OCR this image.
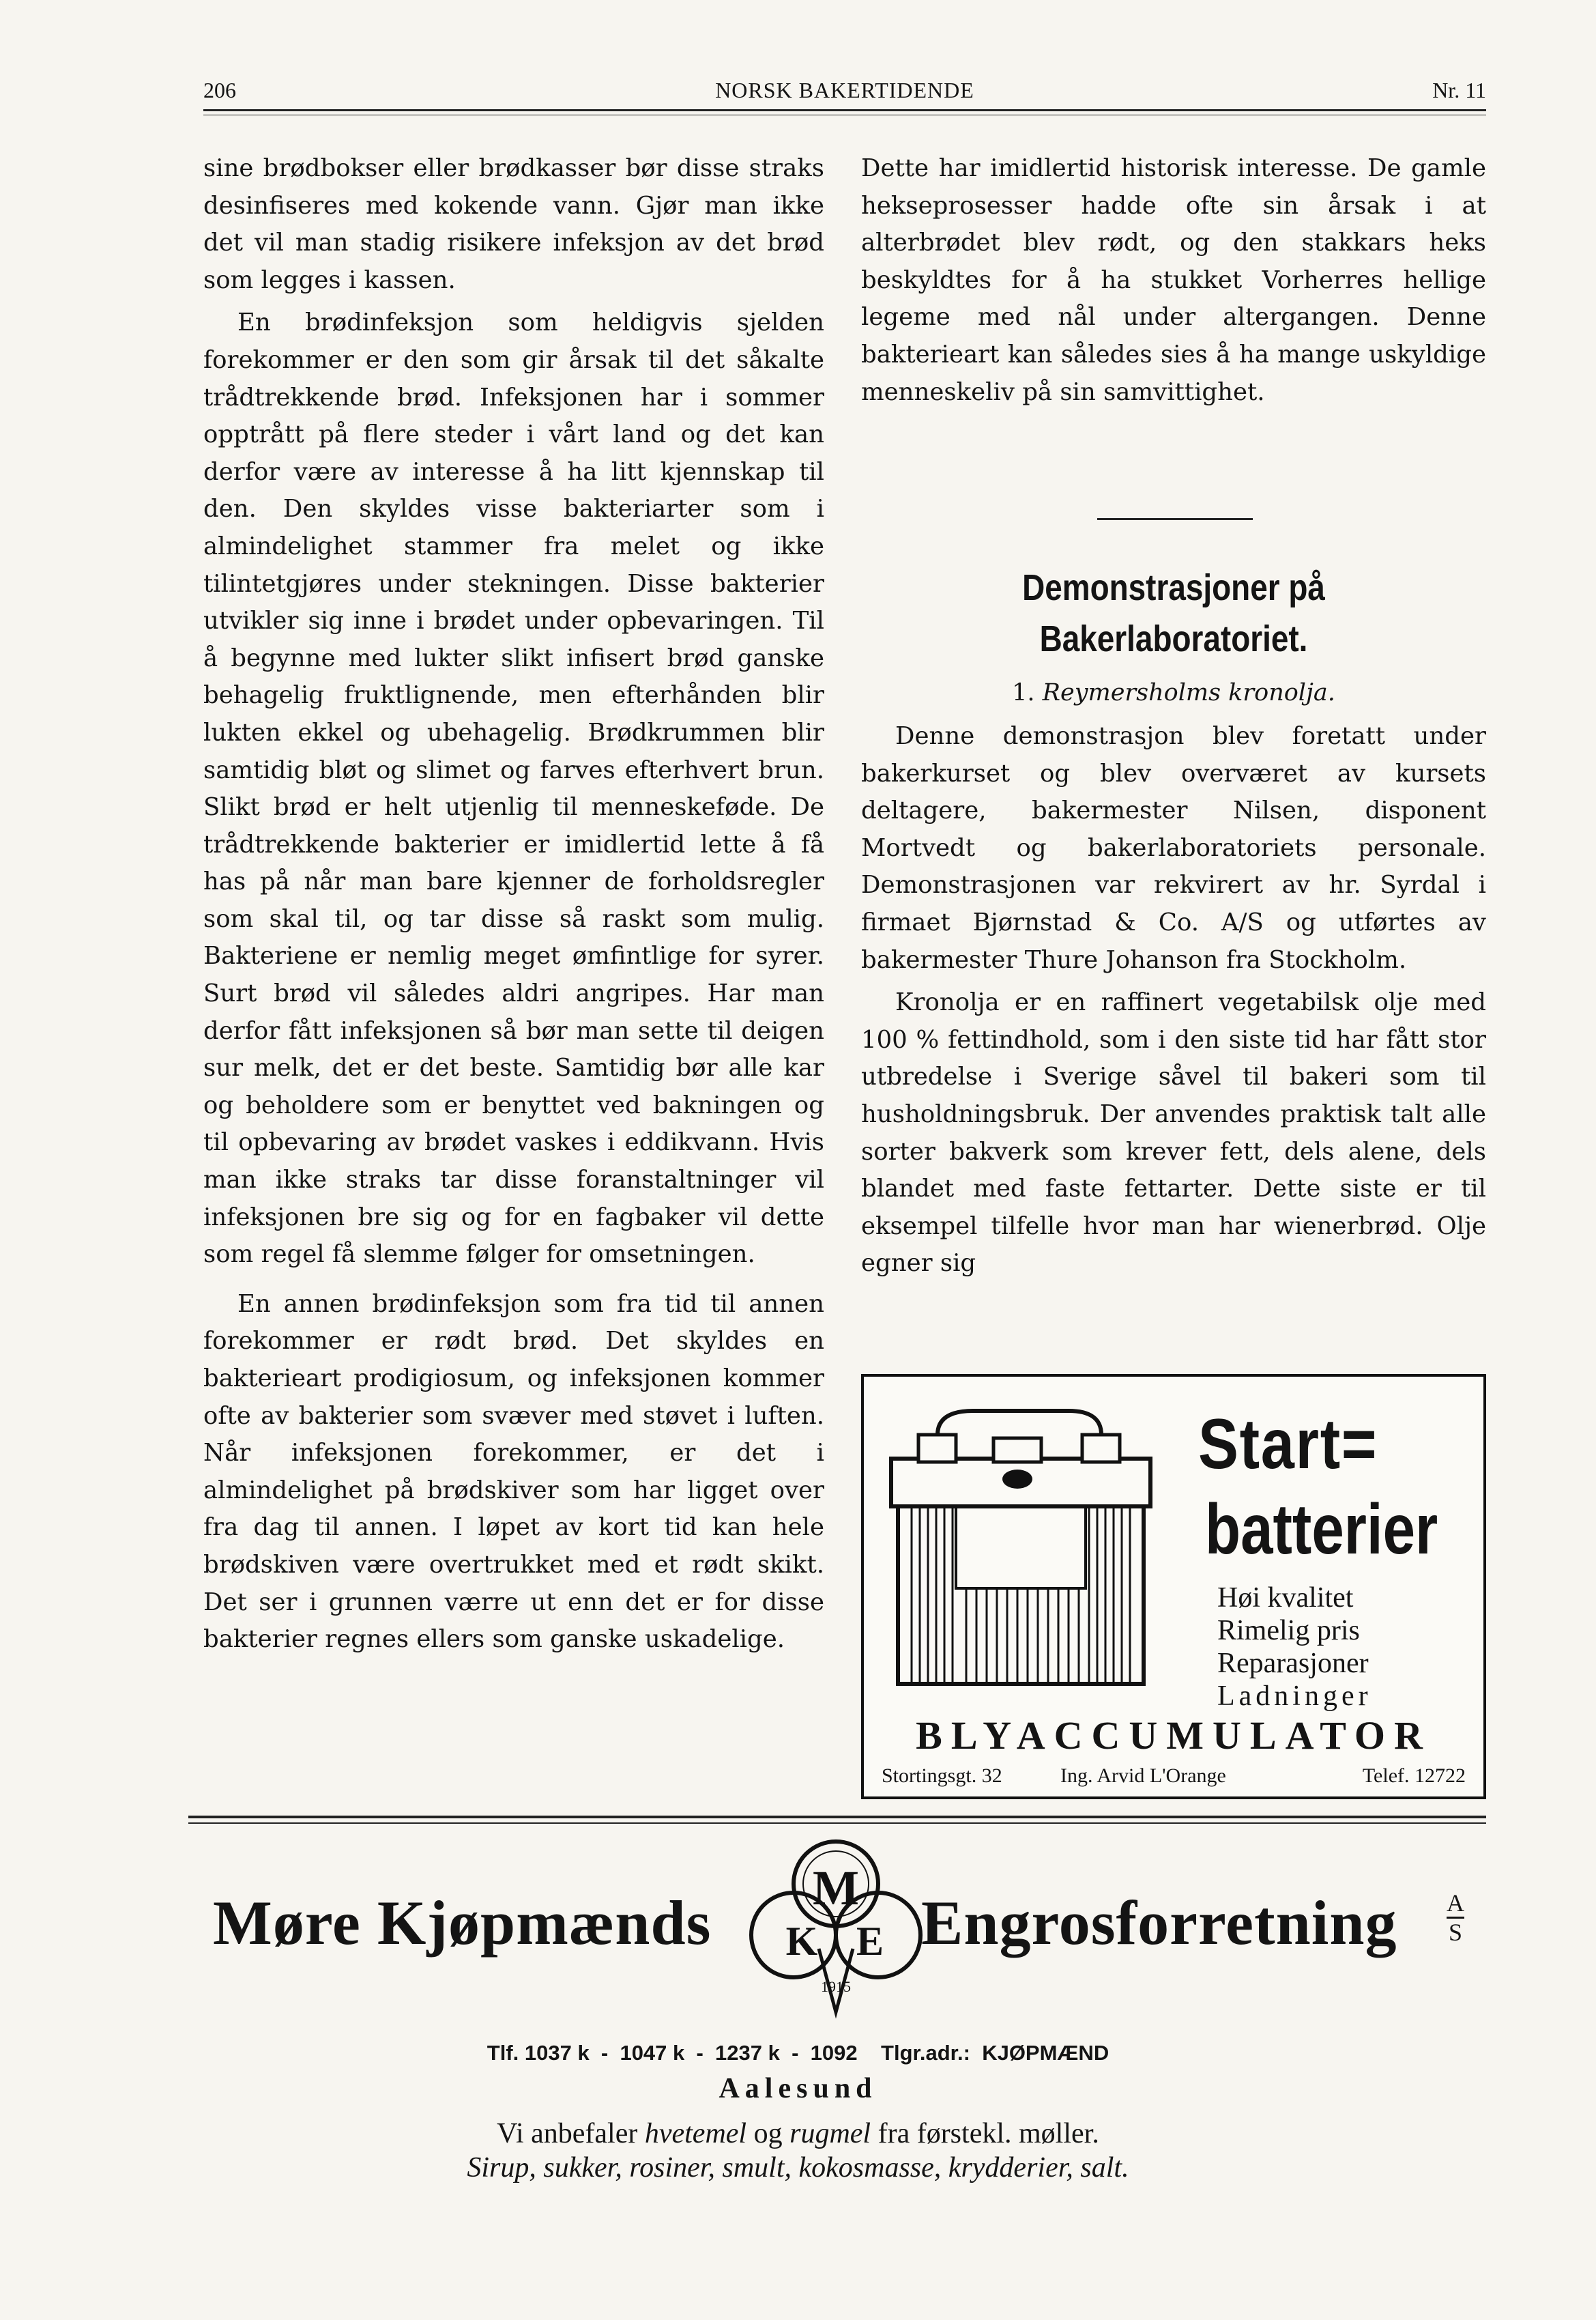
206	NORSK BAKERTIDENDE	Nr. 11

sine brødbokser eller brødkasser bør disse straks desinfiseres med kokende vann. Gjør man ikke det vil man stadig risikere infeksjon av det brød som legges i kassen.

En brødinfeksjon som heldigvis sjelden forekommer er den som gir årsak til det såkalte trådtrekkende brød. Infeksjonen har i sommer opptrått på flere steder i vårt land og det kan derfor være av interesse å ha litt kjennskap til den. Den skyldes visse bakteriarter som i almindelighet stammer fra melet og ikke tilintetgjøres under stekningen. Disse bakterier utvikler sig inne i brødet under opbevaringen. Til å begynne med lukter slikt infisert brød ganske behagelig fruktlignende, men efterhånden blir lukten ekkel og ubehagelig. Brødkrummen blir samtidig bløt og slimet og farves efterhvert brun. Slikt brød er helt utjenlig til menneskeføde. De trådtrekkende bakterier er imidlertid lette å få has på når man bare kjenner de forholdsregler som skal til, og tar disse så raskt som mulig. Bakteriene er nemlig meget ømfintlige for syrer. Surt brød vil således aldri angripes. Har man derfor fått infeksjonen så bør man sette til deigen sur melk, det er det beste. Samtidig bør alle kar og beholdere som er benyttet ved bakningen og til opbevaring av brødet vaskes i eddikvann. Hvis man ikke straks tar disse foranstaltninger vil infeksjonen bre sig og for en fagbaker vil dette som regel få slemme følger for omsetningen.

En annen brødinfeksjon som fra tid til annen forekommer er rødt brød. Det skyldes en bakterieart prodigiosum, og infeksjonen kommer ofte av bakterier som svæver med støvet i luften. Når infeksjonen forekommer, er det i almindelighet på brødskiver som har ligget over fra dag til annen. I løpet av kort tid kan hele brødskiven være overtrukket med et rødt skikt. Det ser i grunnen værre ut enn det er for disse bakterier regnes ellers som ganske uskadelige.

Dette har imidlertid historisk interesse. De gamle hekseprosesser hadde ofte sin årsak i at alterbrødet blev rødt, og den stakkars heks beskyldtes for å ha stukket Vorherres hellige legeme med nål under altergangen. Denne bakterieart kan således sies å ha mange uskyldige menneskeliv på sin samvittighet.

Demonstrasjoner på
Bakerlaboratoriet.
1. Reymersholms kronolja.

Denne demonstrasjon blev foretatt under bakerkurset og blev overværet av kursets deltagere, bakermester Nilsen, disponent Mortvedt og bakerlaboratoriets personale. Demonstrasjonen var rekvirert av hr. Syrdal i firmaet Bjørnstad & Co. A/S og utførtes av bakermester Thure Johanson fra Stockholm.

Kronolja er en raffinert vegetabilsk olje med 100 % fettindhold, som i den siste tid har fått stor utbredelse i Sverige såvel til bakeri som til husholdningsbruk. Der anvendes praktisk talt alle sorter bakverk som krever fett, dels alene, dels blandet med faste fettarter. Dette siste er til eksempel tilfelle hvor man har wienerbrød. Olje egner sig

Start=
batterier
Høi kvalitet
Rimelig pris
Reparasjoner
Ladninger
BLYACCUMULATOR
Stortingsgt. 32	Ing. Arvid L'Orange	Telef. 12722
Møre Kjøpmænds M
K E
1915
Engrosforretning A
S
Tlf. 1037 k  -  1047 k  -  1237 k  -  1092    Tlgr.adr.:  KJØPMÆND
Aalesund
Vi anbefaler hvetemel og rugmel fra førstekl. møller.
Sirup, sukker, rosiner, smult, kokosmasse, krydderier, salt.
